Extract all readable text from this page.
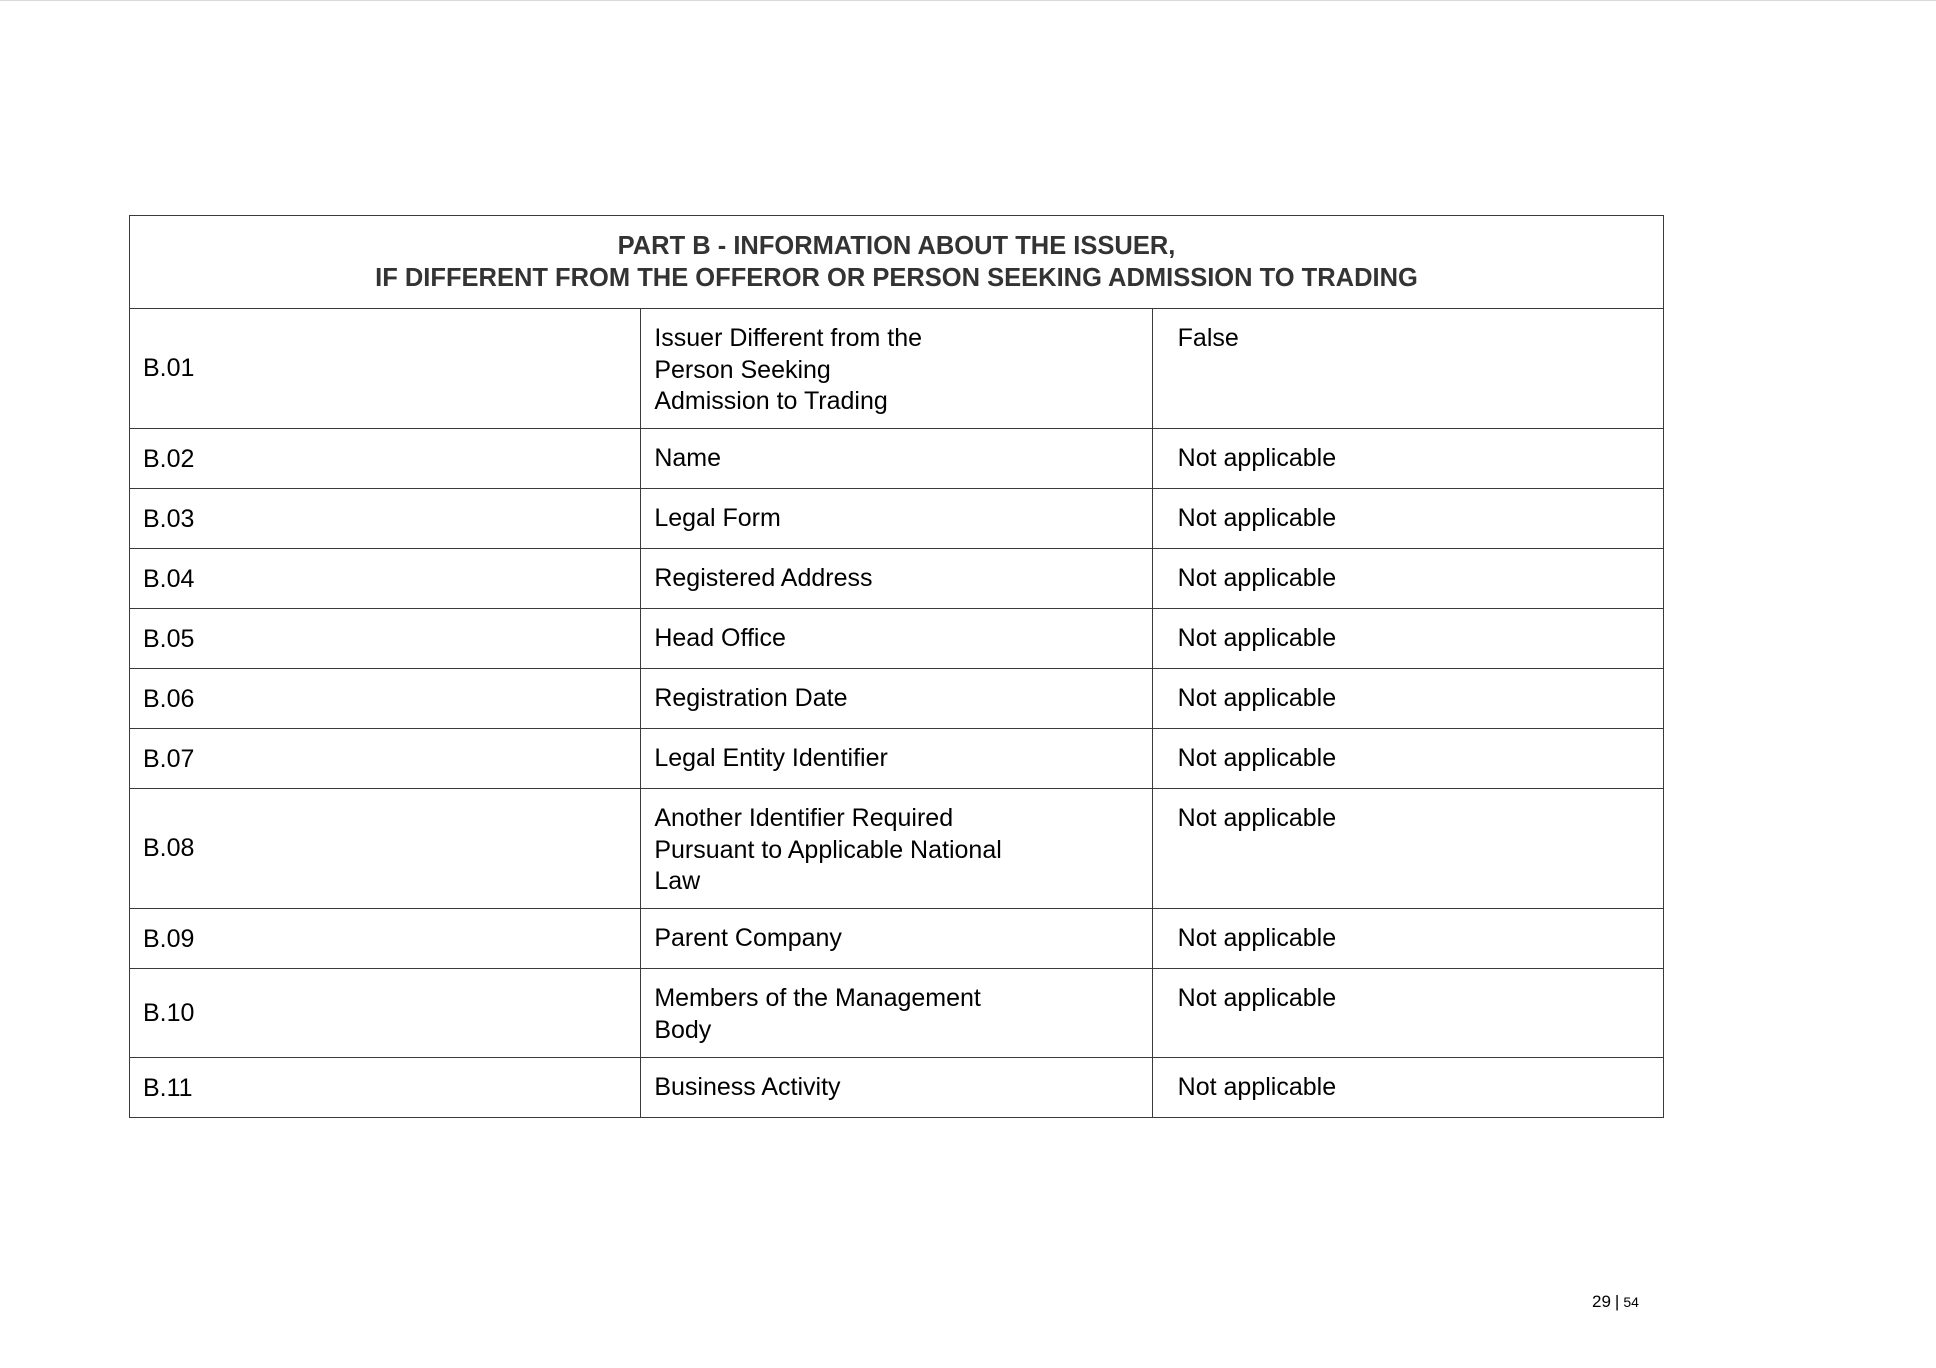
PART B - INFORMATION ABOUT THE ISSUER,
IF DIFFERENT FROM THE OFFEROR OR PERSON SEEKING ADMISSION TO TRADING		

B.01	Issuer Different from the
Person Seeking
Admission to Trading	False
B.02	Name	Not applicable
B.03	Legal Form	Not applicable
B.04	Registered Address	Not applicable
B.05	Head Office	Not applicable
B.06	Registration Date	Not applicable
B.07	Legal Entity Identifier	Not applicable
B.08	Another Identifier Required
Pursuant to Applicable National
Law	Not applicable
B.09	Parent Company	Not applicable
B.10	Members of the Management
Body	Not applicable
B.11	Business Activity	Not applicable
29 | 54
